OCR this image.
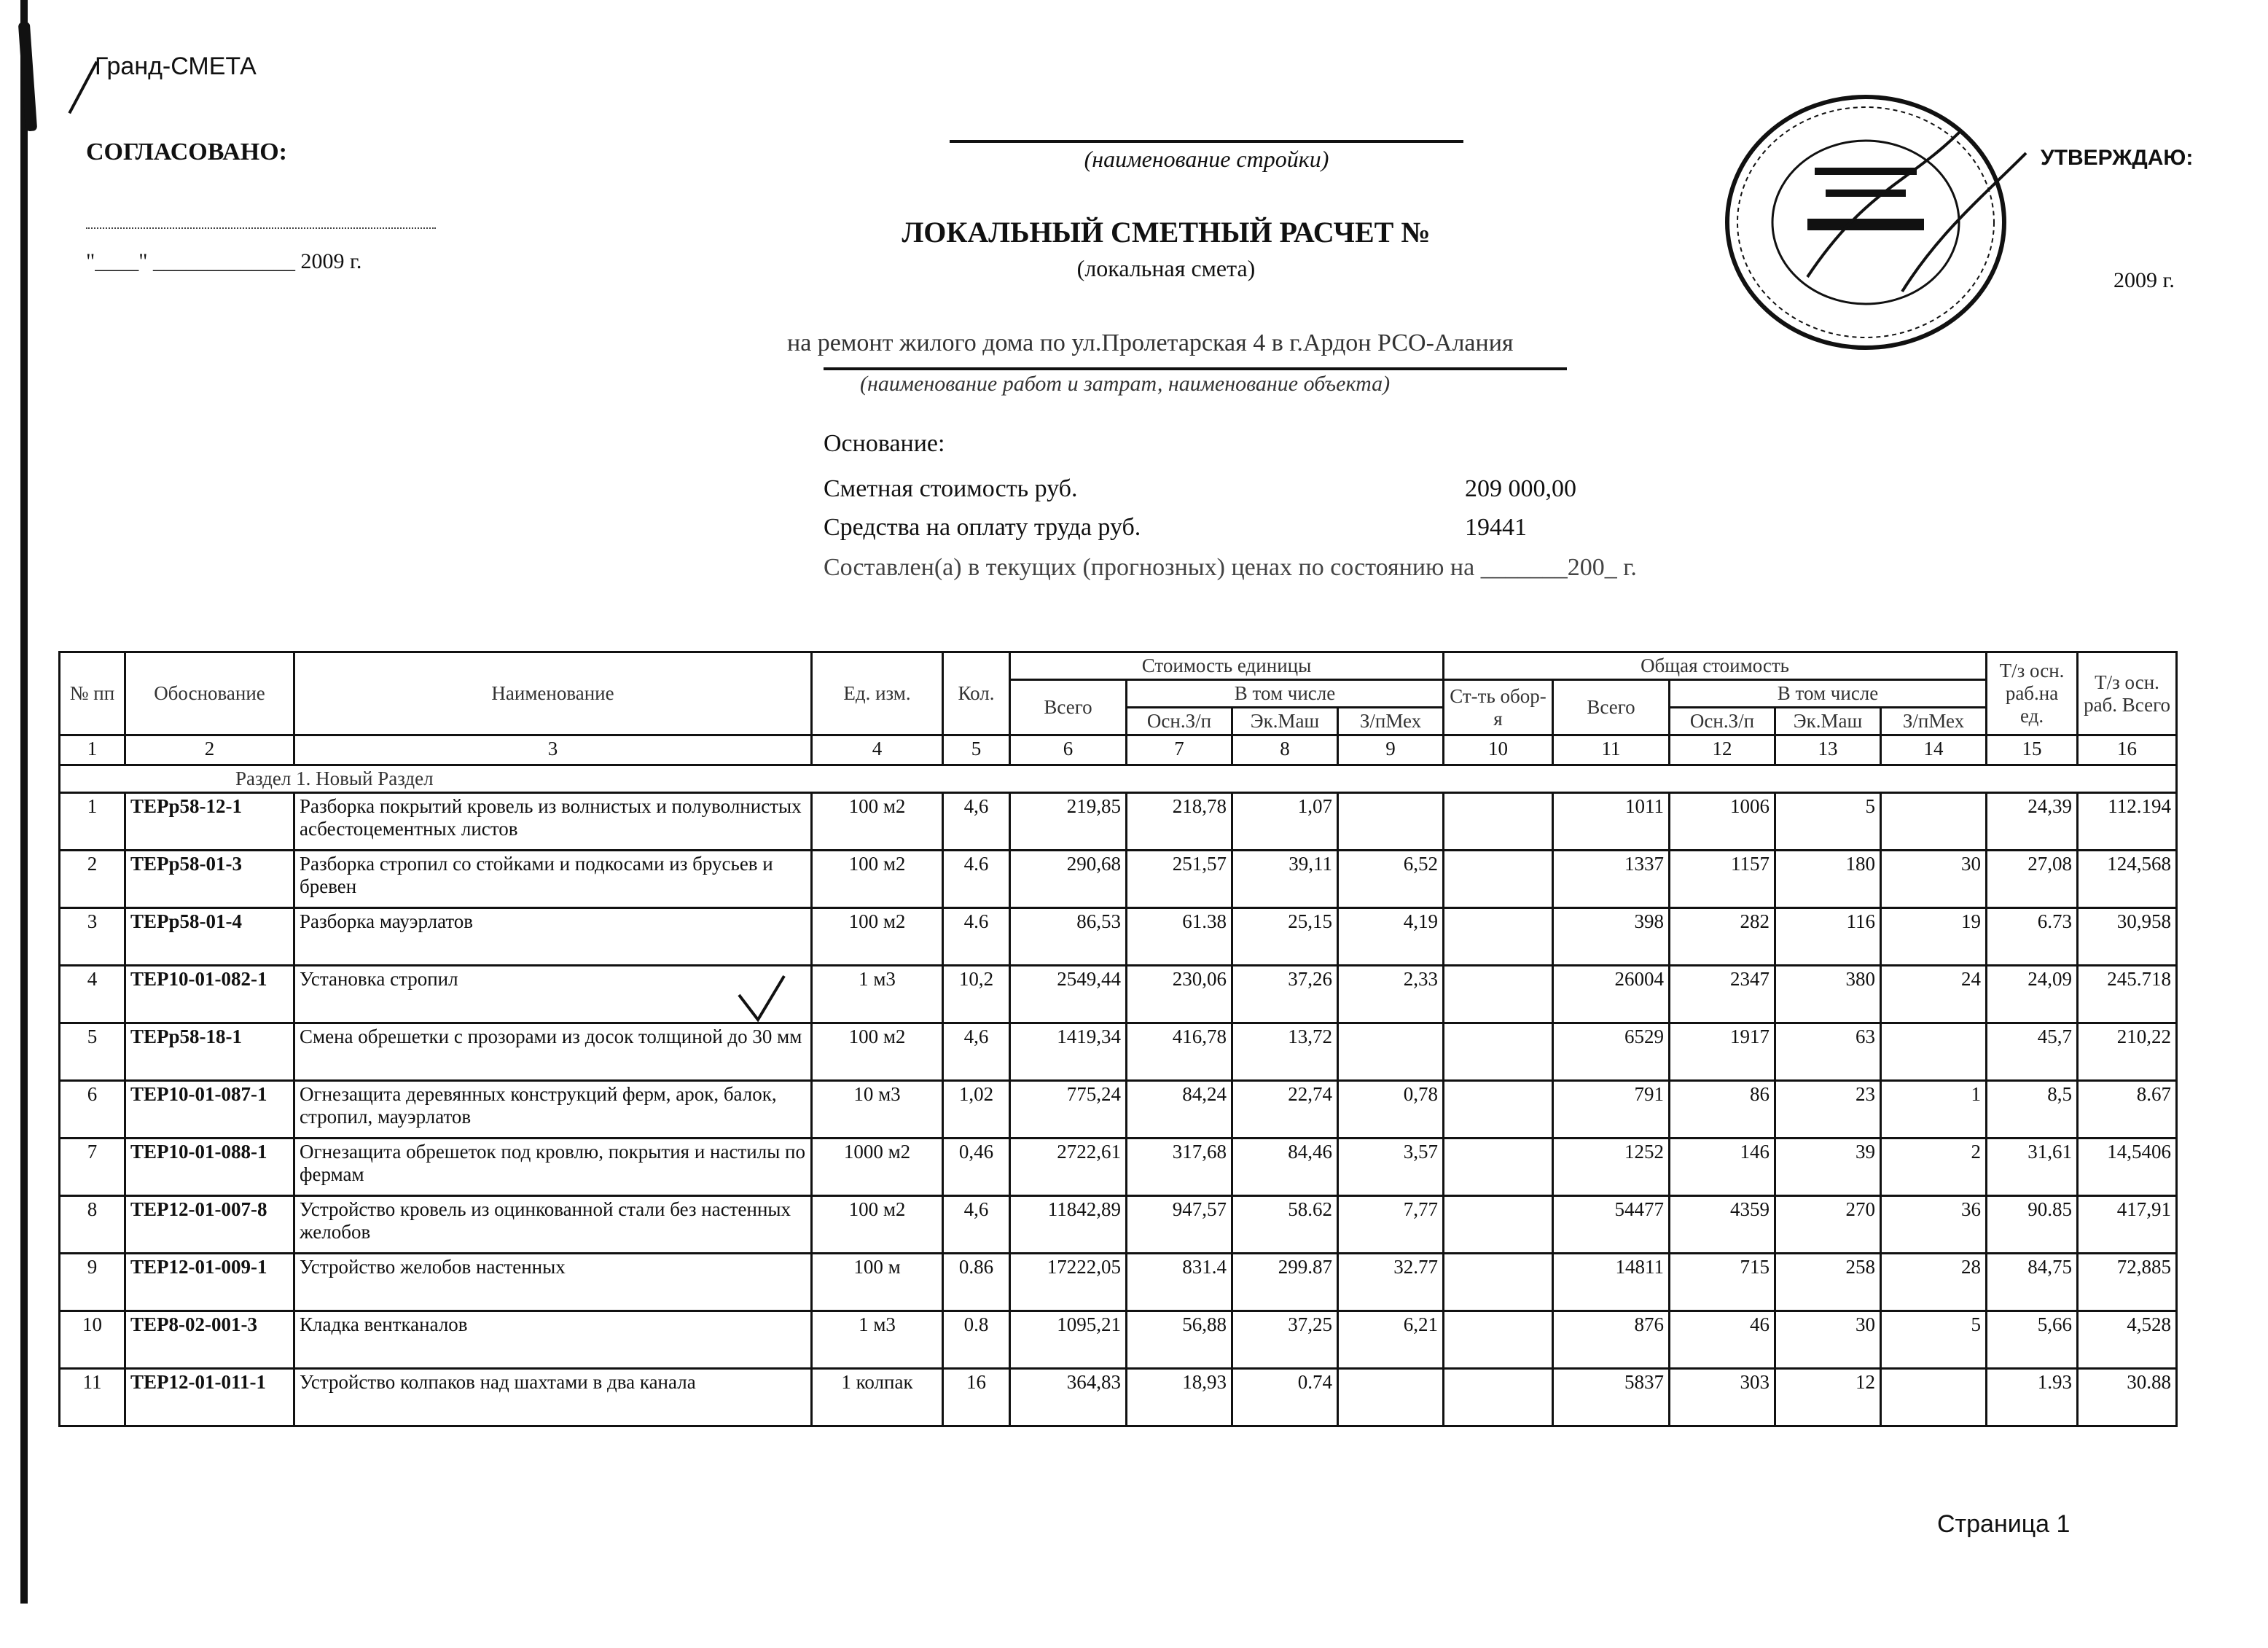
Гранд-СМЕТА
СОГЛАСОВАНО:
"____" _____________ 2009 г.
(наименование стройки)
ЛОКАЛЬНЫЙ СМЕТНЫЙ РАСЧЕТ №
(локальная смета)
на ремонт жилого дома по ул.Пролетарская 4 в г.Ардон РСО-Алания
(наименование работ и затрат, наименование объекта)
УТВЕРЖДАЮ:
2009 г.
Основание:
Сметная стоимость руб.	209 000,00
Средства на оплату труда руб.	19441
Составлен(а) в текущих (прогнозных) ценах по состоянию на _______200_ г.
№ пп	Обоснование	Наименование	Ед. изм.	Кол.	Стоимость единицы				Общая стоимость					Т/з осн. раб.на ед.	Т/з осн. раб. Всего
					Всего	В том числе			Ст-ть обор-я	Всего	В том числе				
						Осн.З/п	Эк.Маш	З/пМех			Осн.З/п	Эк.Маш	З/пМех		
1	2	3	4	5	6	7	8	9	10	11	12	13	14	15	16
Раздел 1. Новый Раздел															
1	ТЕРр58-12-1	Разборка покрытий кровель из волнистых и полуволнистых асбестоцементных листов	100 м2	4,6	219,85	218,78	1,07			1011	1006	5		24,39	112.194
2	ТЕРр58-01-3	Разборка стропил со стойками и подкосами из брусьев и бревен	100 м2	4.6	290,68	251,57	39,11	6,52		1337	1157	180	30	27,08	124,568
3	ТЕРр58-01-4	Разборка мауэрлатов	100 м2	4.6	86,53	61.38	25,15	4,19		398	282	116	19	6.73	30,958
4	ТЕР10-01-082-1	Установка стропил	1 м3	10,2	2549,44	230,06	37,26	2,33		26004	2347	380	24	24,09	245.718
5	ТЕРр58-18-1	Смена обрешетки с прозорами из досок толщиной до 30 мм	100 м2	4,6	1419,34	416,78	13,72			6529	1917	63		45,7	210,22
6	ТЕР10-01-087-1	Огнезащита деревянных конструкций ферм, арок, балок, стропил, мауэрлатов	10 м3	1,02	775,24	84,24	22,74	0,78		791	86	23	1	8,5	8.67
7	ТЕР10-01-088-1	Огнезащита обрешеток под кровлю, покрытия и настилы по фермам	1000 м2	0,46	2722,61	317,68	84,46	3,57		1252	146	39	2	31,61	14,5406
8	ТЕР12-01-007-8	Устройство кровель из оцинкованной стали без настенных желобов	100 м2	4,6	11842,89	947,57	58.62	7,77		54477	4359	270	36	90.85	417,91
9	ТЕР12-01-009-1	Устройство желобов настенных	100 м	0.86	17222,05	831.4	299.87	32.77		14811	715	258	28	84,75	72,885
10	ТЕР8-02-001-3	Кладка вентканалов	1 м3	0.8	1095,21	56,88	37,25	6,21		876	46	30	5	5,66	4,528
11	ТЕР12-01-011-1	Устройство колпаков над шахтами в два канала	1 колпак	16	364,83	18,93	0.74			5837	303	12		1.93	30.88
Страница 1
